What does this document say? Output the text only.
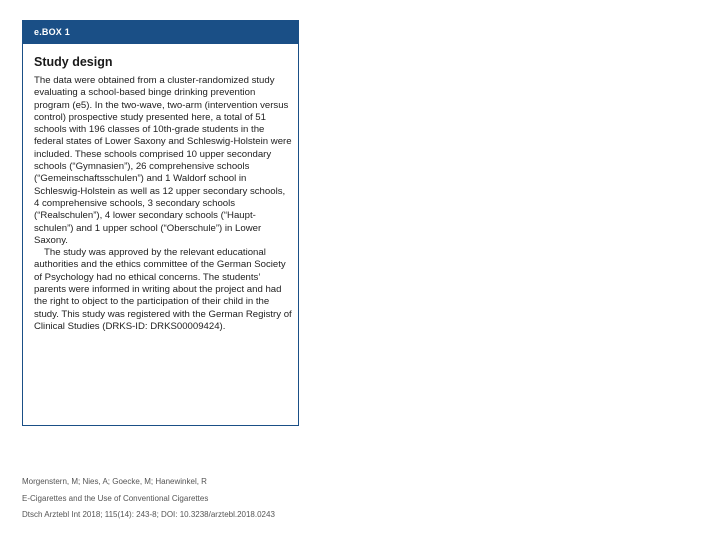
e.BOX 1
Study design

The data were obtained from a cluster-randomized study evaluating a school-based binge drinking prevention program (e5). In the two-wave, two-arm (intervention versus control) prospective study presented here, a total of 51 schools with 196 classes of 10th-grade students in the federal states of Lower Saxony and Schleswig-Holstein were included. These schools comprised 10 upper secondary schools (“Gymnasien”), 26 comprehensive schools (“Gemeinschaftsschulen”) and 1 Waldorf school in Schleswig-Holstein as well as 12 upper secondary schools, 4 comprehensive schools, 3 secondary schools (“Realschulen”), 4 lower secondary schools (“Hauptschulen”) and 1 upper school (“Oberschule”) in Lower Saxony.

The study was approved by the relevant educational authorities and the ethics committee of the German Society of Psychology had no ethical concerns. The students’ parents were informed in writing about the project and had the right to object to the participation of their child in the study. This study was registered with the German Registry of Clinical Studies (DRKS-ID: DRKS00009424).

Morgenstern, M; Nies, A; Goecke, M; Hanewinkel, R
E-Cigarettes and the Use of Conventional Cigarettes
Dtsch Arztebl Int 2018; 115(14): 243-8; DOI: 10.3238/arztebl.2018.0243
